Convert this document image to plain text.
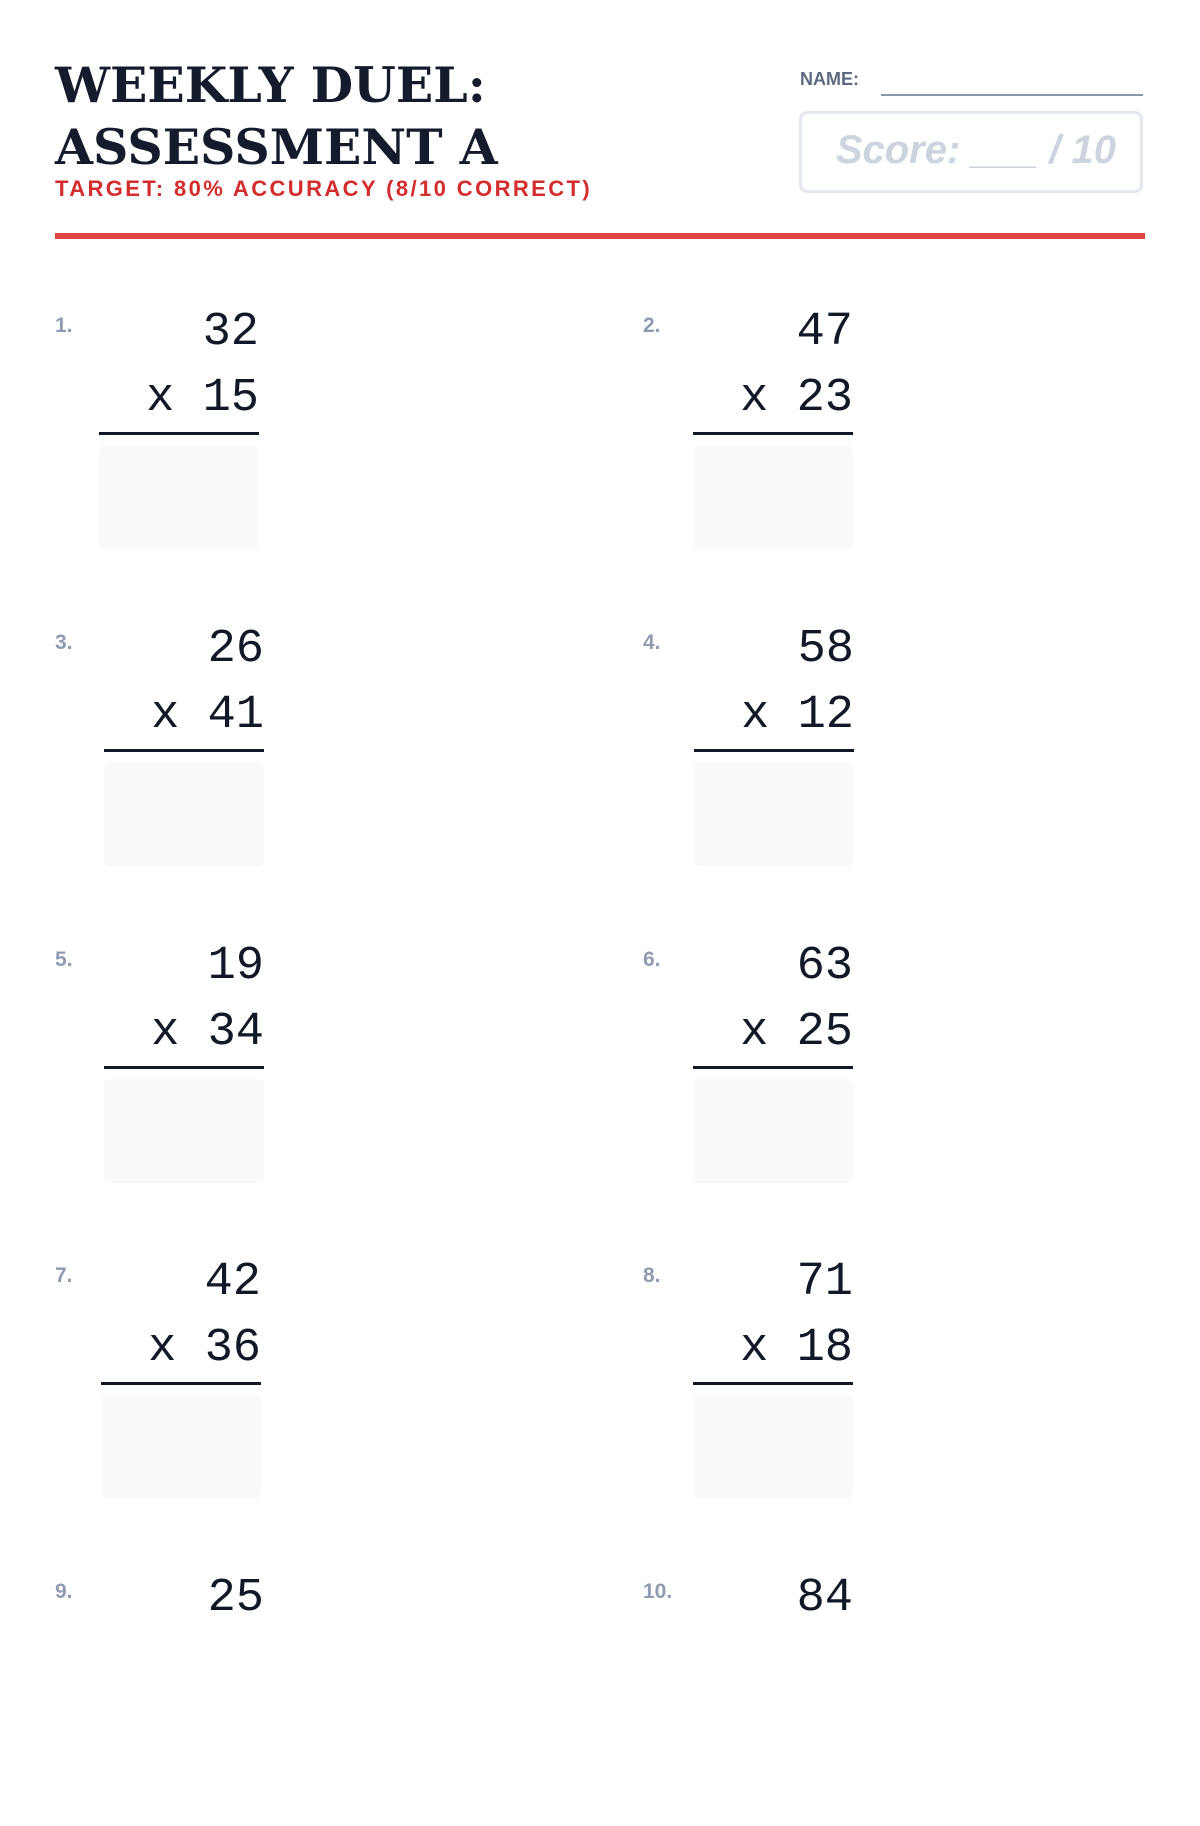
WEEKLY DUEL: ASSESSMENT A
TARGET: 80% ACCURACY (8/10 CORRECT)
NAME:
Score: ___ / 10
1.	32
x 15
2.	47
x 23
3.	26
x 41
4.	58
x 12
5.	19
x 34
6.	63
x 25
7.	42
x 36
8.	71
x 18
9.	25	10.	84
